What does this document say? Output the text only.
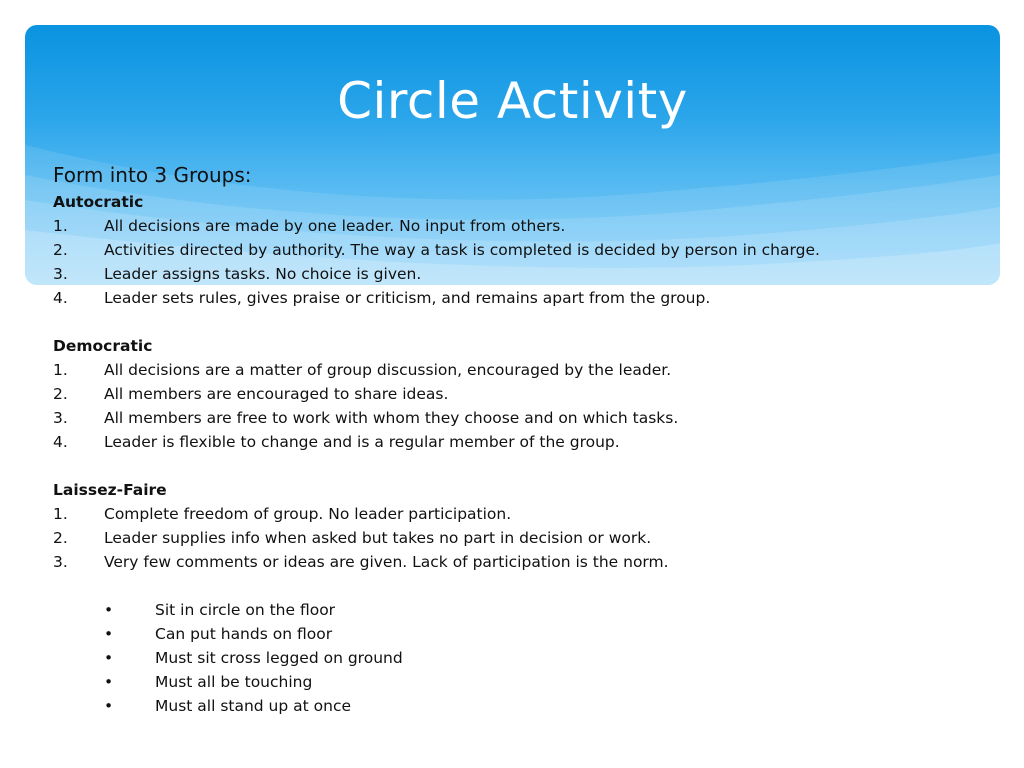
Circle Activity

Form into 3 Groups:

Autocratic

1.	All decisions are made by one leader. No input from others.
2.	Activities directed by authority. The way a task is completed is decided by person in charge.
3.	Leader assigns tasks. No choice is given.
4.	Leader sets rules, gives praise or criticism, and remains apart from the group.

Democratic

1.	All decisions are a matter of group discussion, encouraged by the leader.
2.	All members are encouraged to share ideas.
3.	All members are free to work with whom they choose and on which tasks.
4.	Leader is flexible to change and is a regular member of the group.

Laissez-Faire

1.	Complete freedom of group. No leader participation.
2.	Leader supplies info when asked but takes no part in decision or work.
3.	Very few comments or ideas are given. Lack of participation is the norm.
•	Sit in circle on the floor
•	Can put hands on floor
•	Must sit cross legged on ground
•	Must all be touching
•	Must all stand up at once
